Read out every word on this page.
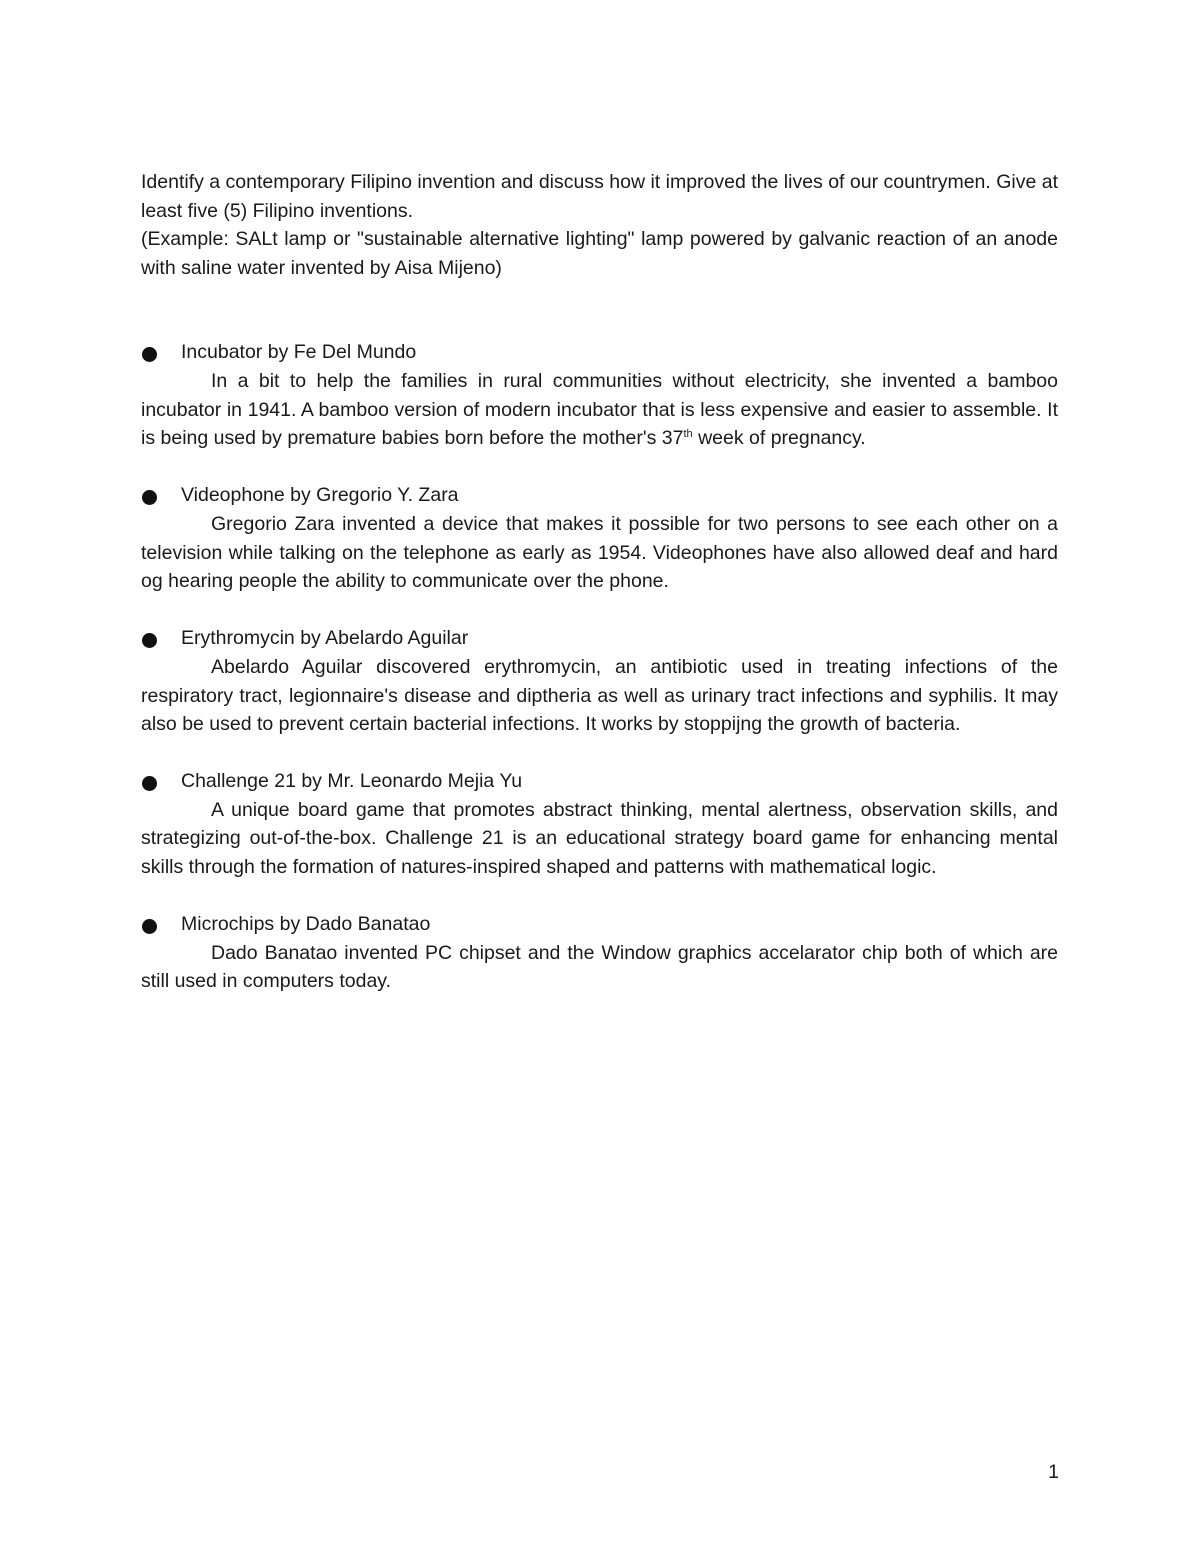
Identify a contemporary Filipino invention and discuss how it improved the lives of our countrymen. Give at least five (5) Filipino inventions.

(Example: SALt lamp or "sustainable alternative lighting" lamp powered by galvanic reaction of an anode with saline water invented by Aisa Mijeno)

Incubator by Fe Del Mundo

In a bit to help the families in rural communities without electricity, she invented a bamboo incubator in 1941. A bamboo version of modern incubator that is less expensive and easier to assemble. It is being used by premature babies born before the mother's 37th week of pregnancy.

Videophone by Gregorio Y. Zara

Gregorio Zara invented a device that makes it possible for two persons to see each other on a television while talking on the telephone as early as 1954. Videophones have also allowed deaf and hard og hearing people the ability to communicate over the phone.

Erythromycin by Abelardo Aguilar

Abelardo Aguilar discovered erythromycin, an antibiotic used in treating infections of the respiratory tract, legionnaire's disease and diptheria as well as urinary tract infections and syphilis. It may also be used to prevent certain bacterial infections. It works by stoppijng the growth of bacteria.

Challenge 21 by Mr. Leonardo Mejia Yu

A unique board game that promotes abstract thinking, mental alertness, observation skills, and strategizing out-of-the-box. Challenge 21 is an educational strategy board game for enhancing mental skills through the formation of natures-inspired shaped and patterns with mathematical logic.

Microchips by Dado Banatao

Dado Banatao invented PC chipset and the Window graphics accelarator chip both of which are still used in computers today.

1
